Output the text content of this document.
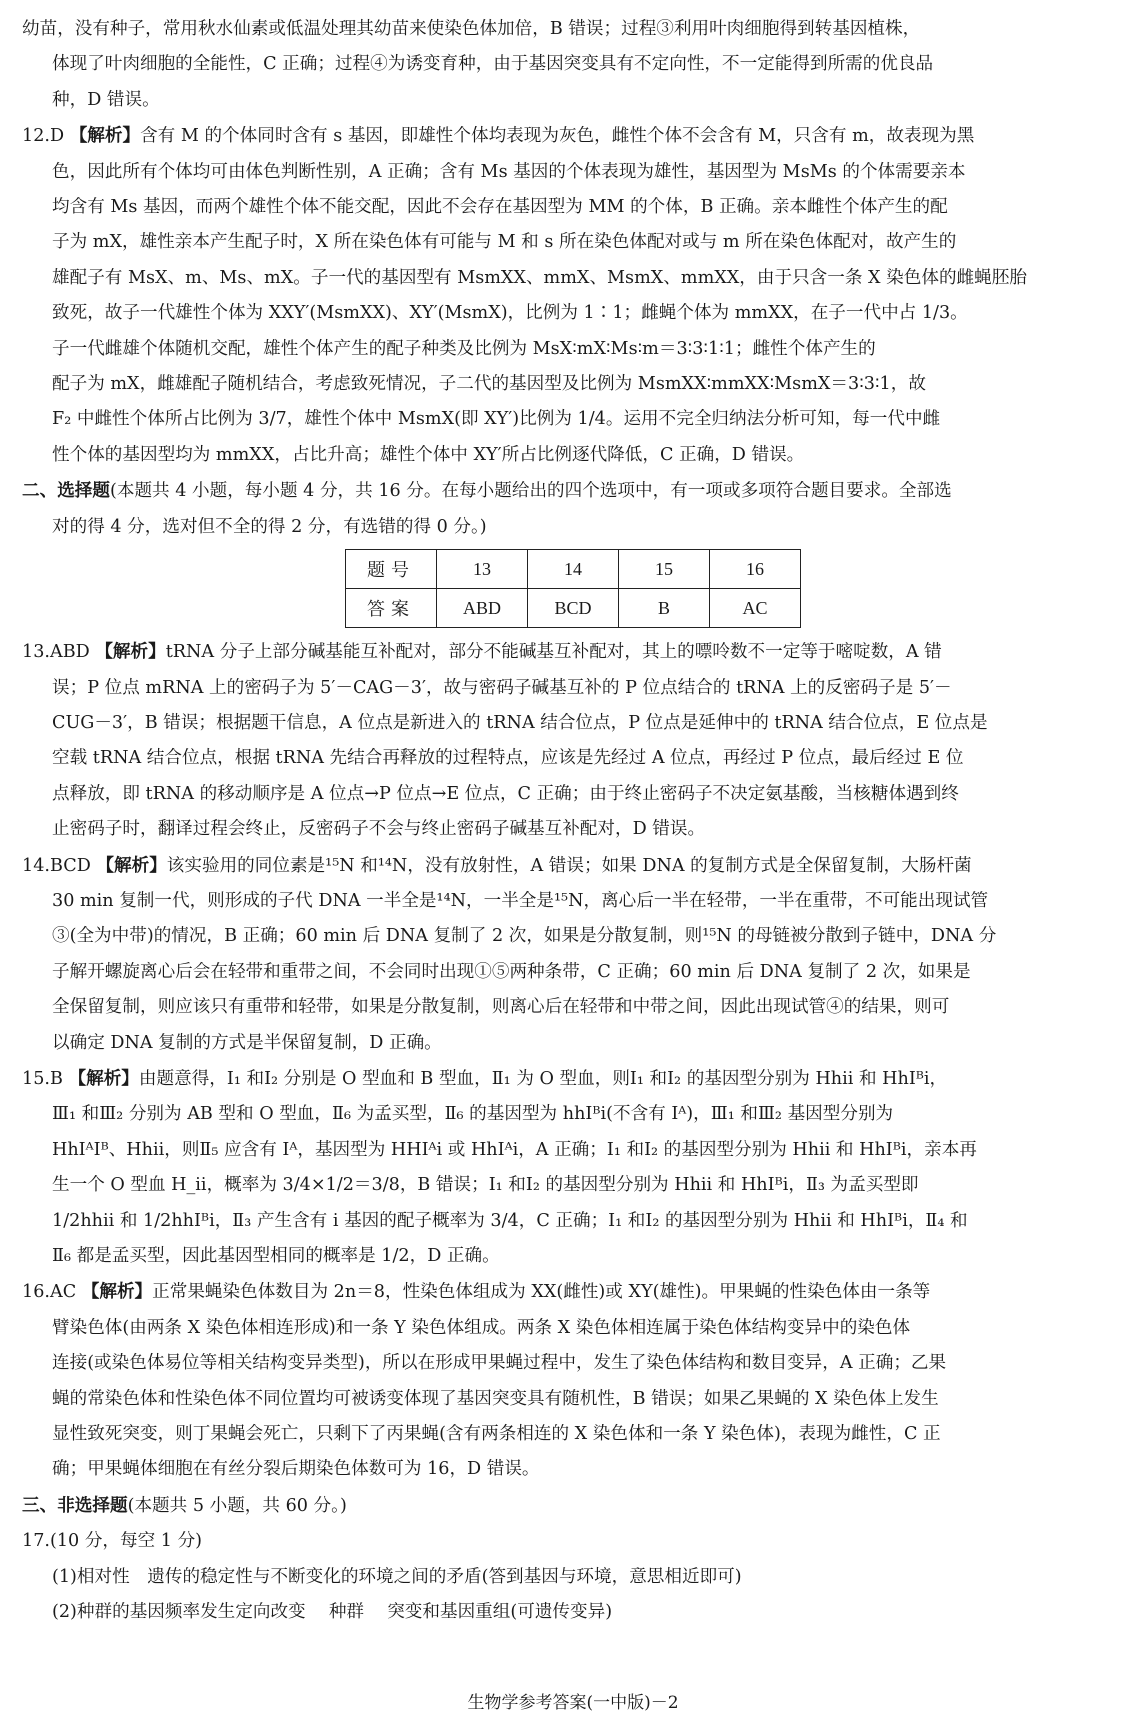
幼苗，没有种子，常用秋水仙素或低温处理其幼苗来使染色体加倍，B 错误；过程③利用叶肉细胞得到转基因植株，
体现了叶肉细胞的全能性，C 正确；过程④为诱变育种，由于基因突变具有不定向性，不一定能得到所需的优良品
种，D 错误。
12.D 【解析】含有 M 的个体同时含有 s 基因，即雄性个体均表现为灰色，雌性个体不会含有 M，只含有 m，故表现为黑
色，因此所有个体均可由体色判断性别，A 正确；含有 Ms 基因的个体表现为雄性，基因型为 MsMs 的个体需要亲本
均含有 Ms 基因，而两个雄性个体不能交配，因此不会存在基因型为 MM 的个体，B 正确。亲本雌性个体产生的配
子为 mX，雄性亲本产生配子时，X 所在染色体有可能与 M 和 s 所在染色体配对或与 m 所在染色体配对，故产生的
雄配子有 MsX、m、Ms、mX。子一代的基因型有 MsmXX、mmX、MsmX、mmXX，由于只含一条 X 染色体的雌蝇胚胎
致死，故子一代雄性个体为 XXY′(MsmXX)、XY′(MsmX)，比例为 1∶1；雌蝇个体为 mmXX，在子一代中占 1/3。
子一代雌雄个体随机交配，雄性个体产生的配子种类及比例为 MsX∶mX∶Ms∶m＝3∶3∶1∶1；雌性个体产生的
配子为 mX，雌雄配子随机结合，考虑致死情况，子二代的基因型及比例为 MsmXX∶mmXX∶MsmX＝3∶3∶1，故
F₂ 中雌性个体所占比例为 3/7，雄性个体中 MsmX(即 XY′)比例为 1/4。运用不完全归纳法分析可知，每一代中雌
性个体的基因型均为 mmXX，占比升高；雄性个体中 XY′所占比例逐代降低，C 正确，D 错误。
二、选择题(本题共 4 小题，每小题 4 分，共 16 分。在每小题给出的四个选项中，有一项或多项符合题目要求。全部选
对的得 4 分，选对但不全的得 2 分，有选错的得 0 分。)
题号	13	14	15	16
答案	ABD	BCD	B	AC
13.ABD 【解析】tRNA 分子上部分碱基能互补配对，部分不能碱基互补配对，其上的嘌呤数不一定等于嘧啶数，A 错
误；P 位点 mRNA 上的密码子为 5′－CAG－3′，故与密码子碱基互补的 P 位点结合的 tRNA 上的反密码子是 5′－
CUG－3′，B 错误；根据题干信息，A 位点是新进入的 tRNA 结合位点，P 位点是延伸中的 tRNA 结合位点，E 位点是
空载 tRNA 结合位点，根据 tRNA 先结合再释放的过程特点，应该是先经过 A 位点，再经过 P 位点，最后经过 E 位
点释放，即 tRNA 的移动顺序是 A 位点→P 位点→E 位点，C 正确；由于终止密码子不决定氨基酸，当核糖体遇到终
止密码子时，翻译过程会终止，反密码子不会与终止密码子碱基互补配对，D 错误。
14.BCD 【解析】该实验用的同位素是¹⁵N 和¹⁴N，没有放射性，A 错误；如果 DNA 的复制方式是全保留复制，大肠杆菌
30 min 复制一代，则形成的子代 DNA 一半全是¹⁴N，一半全是¹⁵N，离心后一半在轻带，一半在重带，不可能出现试管
③(全为中带)的情况，B 正确；60 min 后 DNA 复制了 2 次，如果是分散复制，则¹⁵N 的母链被分散到子链中，DNA 分
子解开螺旋离心后会在轻带和重带之间，不会同时出现①⑤两种条带，C 正确；60 min 后 DNA 复制了 2 次，如果是
全保留复制，则应该只有重带和轻带，如果是分散复制，则离心后在轻带和中带之间，因此出现试管④的结果，则可
以确定 DNA 复制的方式是半保留复制，D 正确。
15.B 【解析】由题意得，Ⅰ₁ 和Ⅰ₂ 分别是 O 型血和 B 型血，Ⅱ₁ 为 O 型血，则Ⅰ₁ 和Ⅰ₂ 的基因型分别为 Hhii 和 HhIᴮi，
Ⅲ₁ 和Ⅲ₂ 分别为 AB 型和 O 型血，Ⅱ₆ 为孟买型，Ⅱ₆ 的基因型为 hhIᴮi(不含有 Iᴬ)，Ⅲ₁ 和Ⅲ₂ 基因型分别为
HhIᴬIᴮ、Hhii，则Ⅱ₅ 应含有 Iᴬ，基因型为 HHIᴬi 或 HhIᴬi，A 正确；Ⅰ₁ 和Ⅰ₂ 的基因型分别为 Hhii 和 HhIᴮi，亲本再
生一个 O 型血 H_ii，概率为 3/4×1/2＝3/8，B 错误；Ⅰ₁ 和Ⅰ₂ 的基因型分别为 Hhii 和 HhIᴮi，Ⅱ₃ 为孟买型即
1/2hhii 和 1/2hhIᴮi，Ⅱ₃ 产生含有 i 基因的配子概率为 3/4，C 正确；Ⅰ₁ 和Ⅰ₂ 的基因型分别为 Hhii 和 HhIᴮi，Ⅱ₄ 和
Ⅱ₆ 都是孟买型，因此基因型相同的概率是 1/2，D 正确。
16.AC 【解析】正常果蝇染色体数目为 2n＝8，性染色体组成为 XX(雌性)或 XY(雄性)。甲果蝇的性染色体由一条等
臂染色体(由两条 X 染色体相连形成)和一条 Y 染色体组成。两条 X 染色体相连属于染色体结构变异中的染色体
连接(或染色体易位等相关结构变异类型)，所以在形成甲果蝇过程中，发生了染色体结构和数目变异，A 正确；乙果
蝇的常染色体和性染色体不同位置均可被诱变体现了基因突变具有随机性，B 错误；如果乙果蝇的 X 染色体上发生
显性致死突变，则丁果蝇会死亡，只剩下了丙果蝇(含有两条相连的 X 染色体和一条 Y 染色体)，表现为雌性，C 正
确；甲果蝇体细胞在有丝分裂后期染色体数可为 16，D 错误。
三、非选择题(本题共 5 小题，共 60 分。)
17.(10 分，每空 1 分)
(1)相对性　遗传的稳定性与不断变化的环境之间的矛盾(答到基因与环境，意思相近即可)
(2)种群的基因频率发生定向改变　 种群　 突变和基因重组(可遗传变异)
生物学参考答案(一中版)－2
